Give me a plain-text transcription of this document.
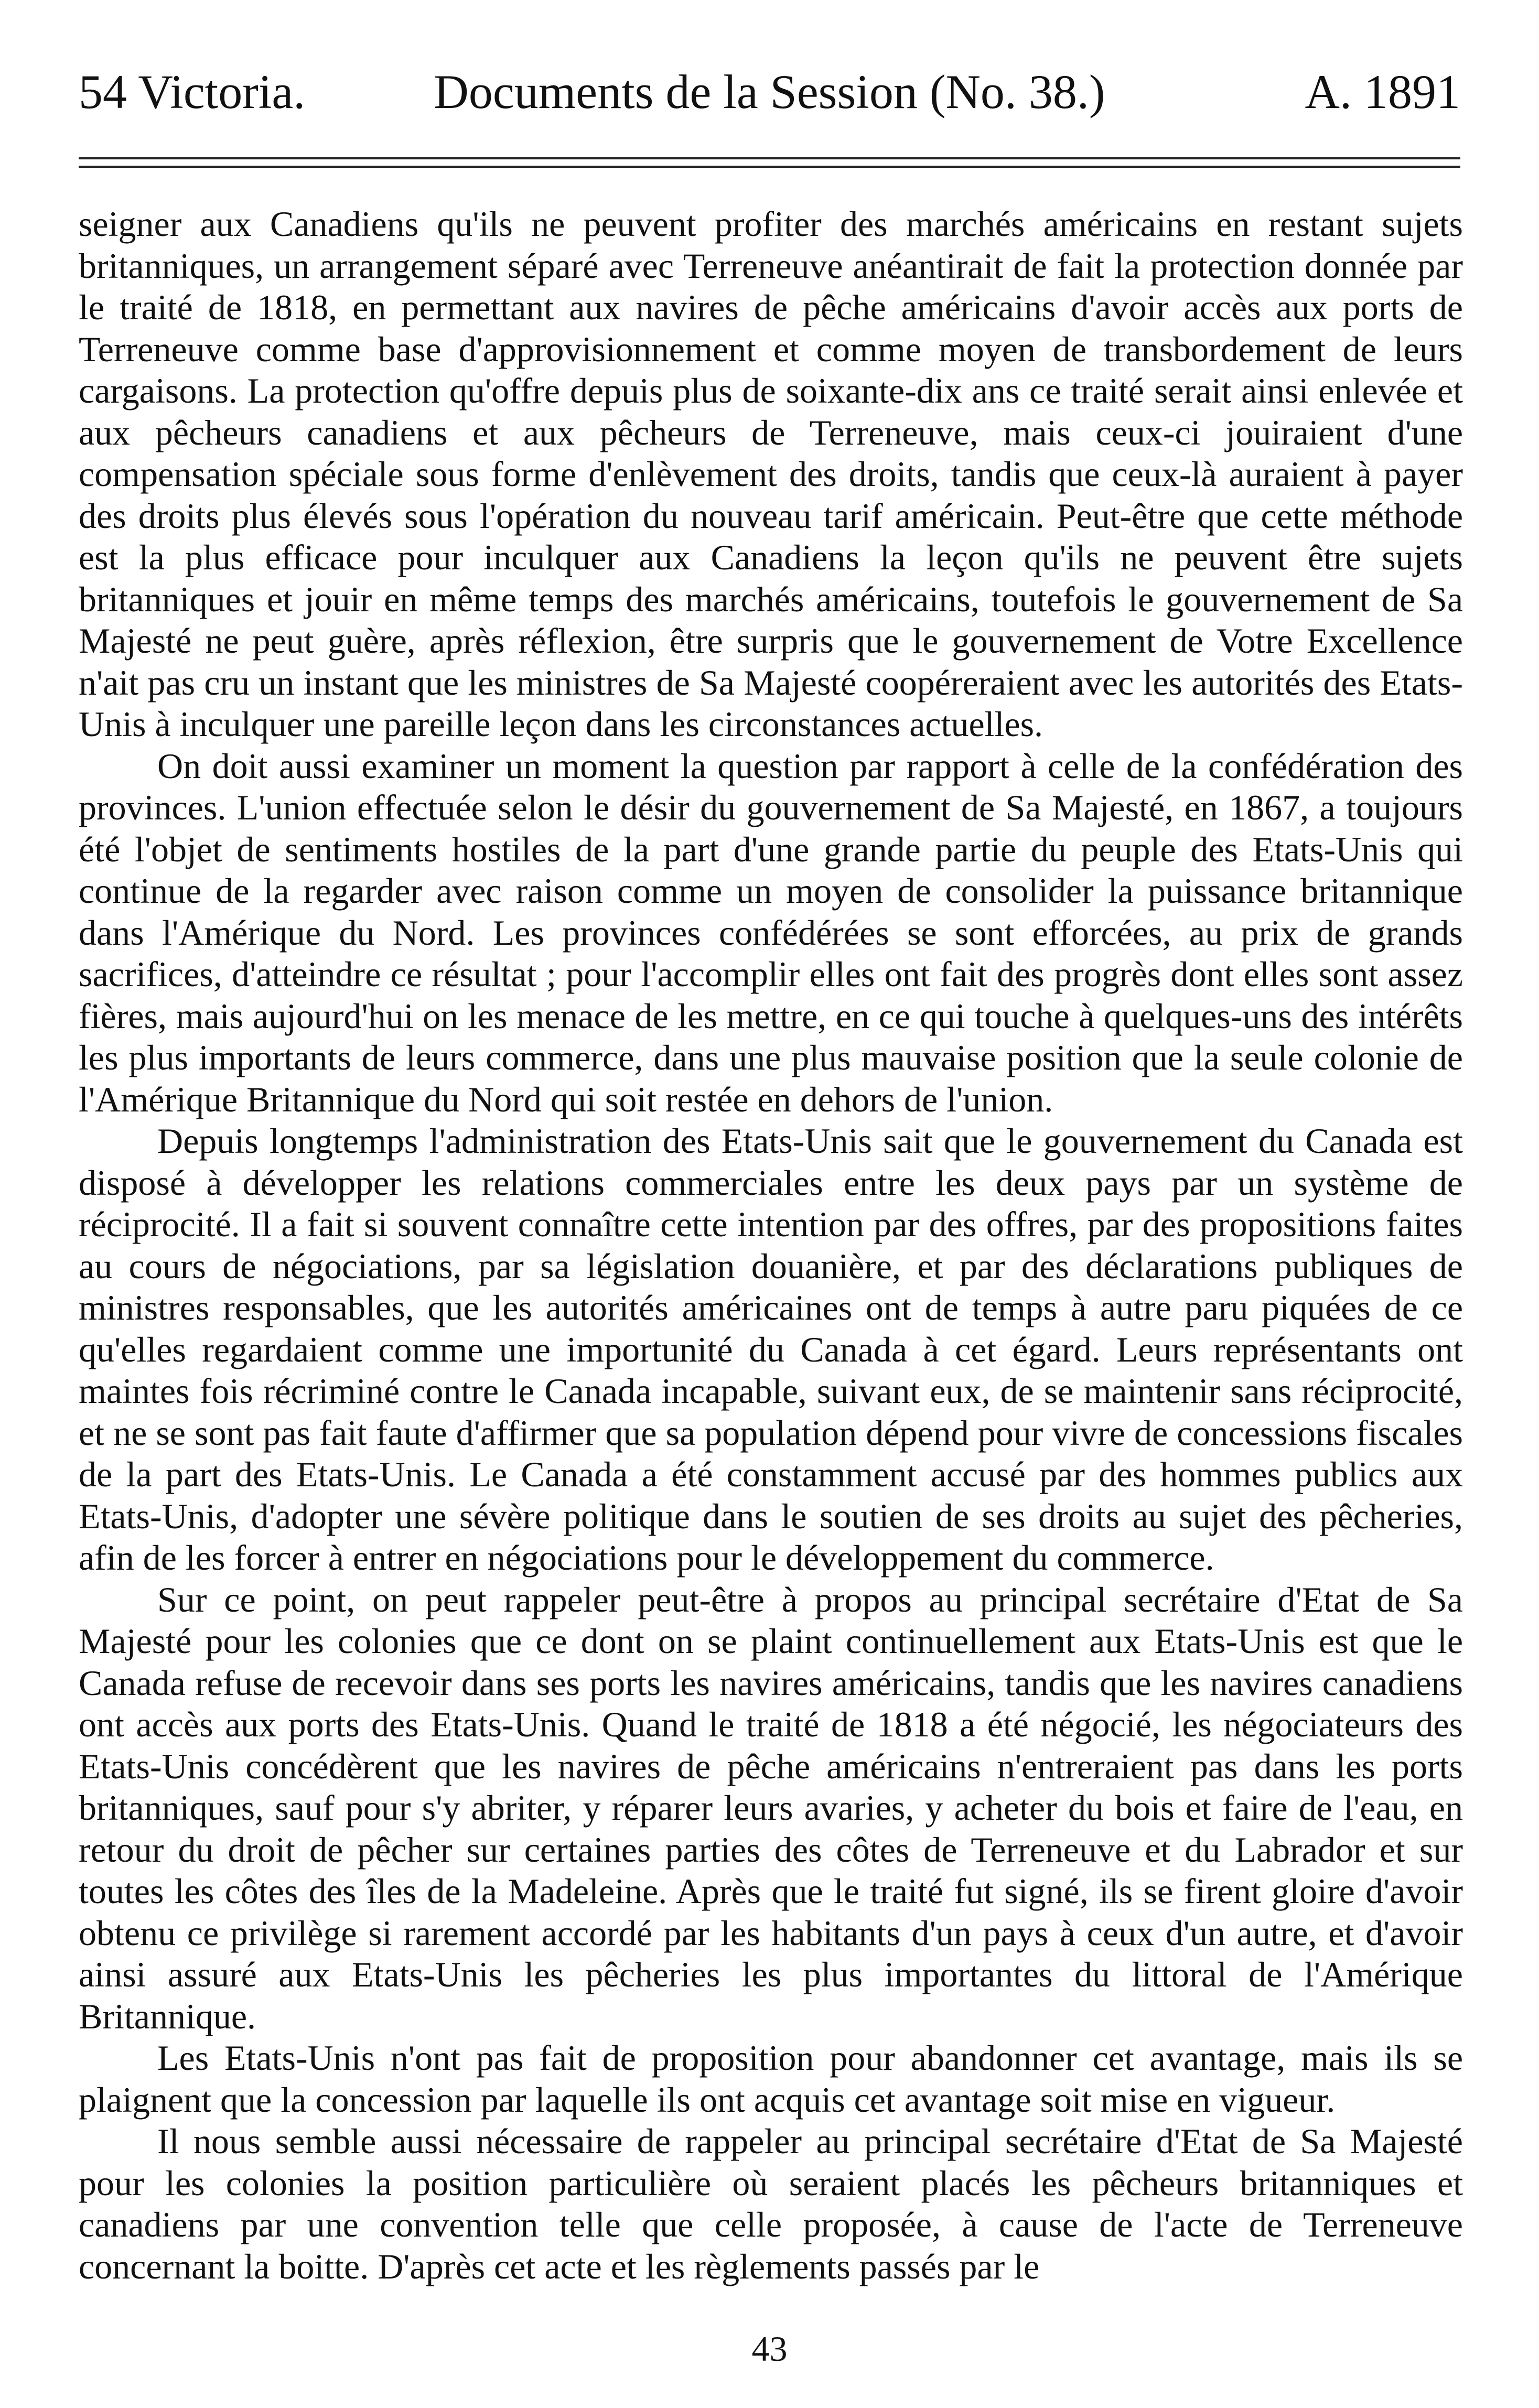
54 Victoria.	Documents de la Session (No. 38.)	A. 1891

seigner aux Canadiens qu'ils ne peuvent profiter des marchés américains en restant sujets britanniques, un arrangement séparé avec Terreneuve anéantirait de fait la protection donnée par le traité de 1818, en permettant aux navires de pêche américains d'avoir accès aux ports de Terreneuve comme base d'approvisionnement et comme moyen de transbordement de leurs cargaisons. La protection qu'offre depuis plus de soixante-dix ans ce traité serait ainsi enlevée et aux pêcheurs canadiens et aux pêcheurs de Terreneuve, mais ceux-ci jouiraient d'une compensation spéciale sous forme d'enlèvement des droits, tandis que ceux-là auraient à payer des droits plus élevés sous l'opération du nouveau tarif américain. Peut-être que cette méthode est la plus efficace pour inculquer aux Canadiens la leçon qu'ils ne peuvent être sujets britanniques et jouir en même temps des marchés américains, toutefois le gouvernement de Sa Majesté ne peut guère, après réflexion, être surpris que le gouvernement de Votre Excellence n'ait pas cru un instant que les ministres de Sa Majesté coopéreraient avec les autorités des Etats-Unis à inculquer une pareille leçon dans les circonstances actuelles.

On doit aussi examiner un moment la question par rapport à celle de la confédération des provinces. L'union effectuée selon le désir du gouvernement de Sa Majesté, en 1867, a toujours été l'objet de sentiments hostiles de la part d'une grande partie du peuple des Etats-Unis qui continue de la regarder avec raison comme un moyen de consolider la puissance britannique dans l'Amérique du Nord. Les provinces confédérées se sont efforcées, au prix de grands sacrifices, d'atteindre ce résultat ; pour l'accomplir elles ont fait des progrès dont elles sont assez fières, mais aujourd'hui on les menace de les mettre, en ce qui touche à quelques-uns des intérêts les plus importants de leurs commerce, dans une plus mauvaise position que la seule colonie de l'Amérique Britannique du Nord qui soit restée en dehors de l'union.

Depuis longtemps l'administration des Etats-Unis sait que le gouvernement du Canada est disposé à développer les relations commerciales entre les deux pays par un système de réciprocité. Il a fait si souvent connaître cette intention par des offres, par des propositions faites au cours de négociations, par sa législation douanière, et par des déclarations publiques de ministres responsables, que les autorités américaines ont de temps à autre paru piquées de ce qu'elles regardaient comme une importunité du Canada à cet égard. Leurs représentants ont maintes fois récriminé contre le Canada incapable, suivant eux, de se maintenir sans réciprocité, et ne se sont pas fait faute d'affirmer que sa population dépend pour vivre de concessions fiscales de la part des Etats-Unis. Le Canada a été constamment accusé par des hommes publics aux Etats-Unis, d'adopter une sévère politique dans le soutien de ses droits au sujet des pêcheries, afin de les forcer à entrer en négociations pour le développement du commerce.

Sur ce point, on peut rappeler peut-être à propos au principal secrétaire d'Etat de Sa Majesté pour les colonies que ce dont on se plaint continuellement aux Etats-Unis est que le Canada refuse de recevoir dans ses ports les navires américains, tandis que les navires canadiens ont accès aux ports des Etats-Unis. Quand le traité de 1818 a été négocié, les négociateurs des Etats-Unis concédèrent que les navires de pêche américains n'entreraient pas dans les ports britanniques, sauf pour s'y abriter, y réparer leurs avaries, y acheter du bois et faire de l'eau, en retour du droit de pêcher sur certaines parties des côtes de Terreneuve et du Labrador et sur toutes les côtes des îles de la Madeleine. Après que le traité fut signé, ils se firent gloire d'avoir obtenu ce privilège si rarement accordé par les habitants d'un pays à ceux d'un autre, et d'avoir ainsi assuré aux Etats-Unis les pêcheries les plus importantes du littoral de l'Amérique Britannique.

Les Etats-Unis n'ont pas fait de proposition pour abandonner cet avantage, mais ils se plaignent que la concession par laquelle ils ont acquis cet avantage soit mise en vigueur.

Il nous semble aussi nécessaire de rappeler au principal secrétaire d'Etat de Sa Majesté pour les colonies la position particulière où seraient placés les pêcheurs britanniques et canadiens par une convention telle que celle proposée, à cause de l'acte de Terreneuve concernant la boitte. D'après cet acte et les règlements passés par le

43
